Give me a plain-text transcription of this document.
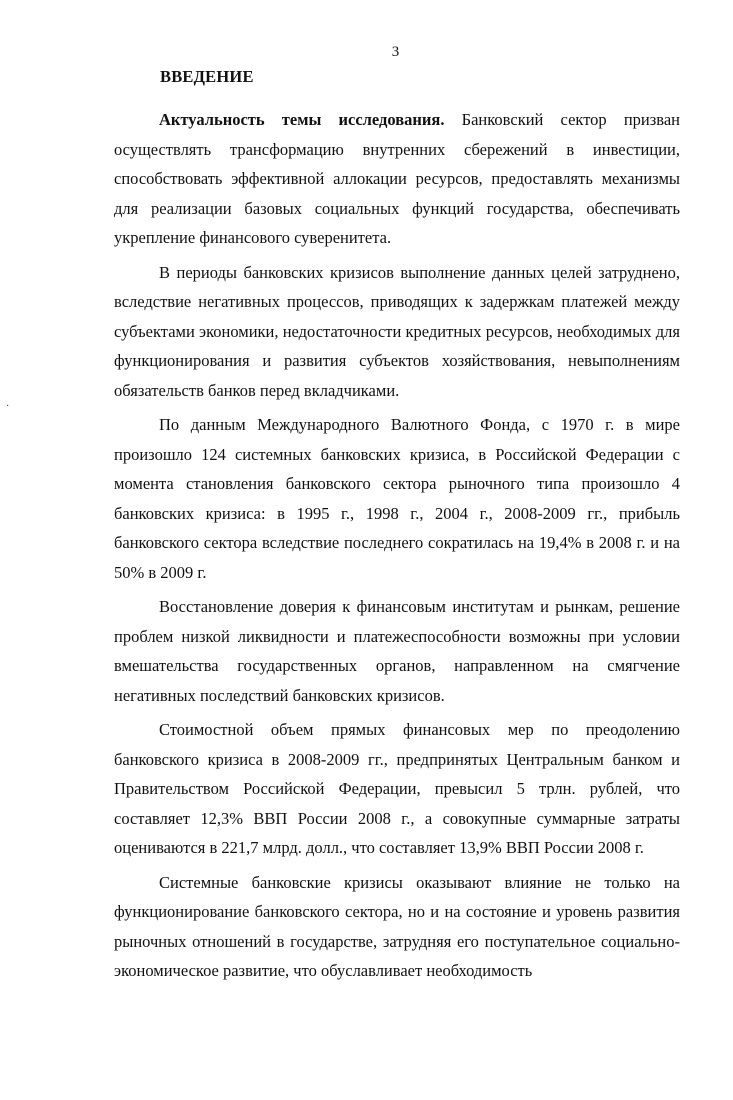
3
ВВЕДЕНИЕ
·

Актуальность темы исследования. Банковский сектор призван осуществлять трансформацию внутренних сбережений в инвестиции, способствовать эффективной аллокации ресурсов, предоставлять механизмы для реализации базовых социальных функций государства, обеспечивать укрепление финансового суверенитета.

В периоды банковских кризисов выполнение данных целей затруднено, вследствие негативных процессов, приводящих к задержкам платежей между субъектами экономики, недостаточности кредитных ресурсов, необходимых для функционирования и развития субъектов хозяйствования, невыполнениям обязательств банков перед вкладчиками.

По данным Международного Валютного Фонда, с 1970 г. в мире произошло 124 системных банковских кризиса, в Российской Федерации с момента становления банковского сектора рыночного типа произошло 4 банковских кризиса: в 1995 г., 1998 г., 2004 г., 2008-2009 гг., прибыль банковского сектора вследствие последнего сократилась на 19,4% в 2008 г. и на 50% в 2009 г.

Восстановление доверия к финансовым институтам и рынкам, решение проблем низкой ликвидности и платежеспособности возможны при условии вмешательства государственных органов, направленном на смягчение негативных последствий банковских кризисов.

Стоимостной объем прямых финансовых мер по преодолению банковского кризиса в 2008-2009 гг., предпринятых Центральным банком и Правительством Российской Федерации, превысил 5 трлн. рублей, что составляет 12,3% ВВП России 2008 г., а совокупные суммарные затраты оцениваются в 221,7 млрд. долл., что составляет 13,9% ВВП России 2008 г.

Системные банковские кризисы оказывают влияние не только на функционирование банковского сектора, но и на состояние и уровень развития рыночных отношений в государстве, затрудняя его поступательное социально-экономическое развитие, что обуславливает необходимость
